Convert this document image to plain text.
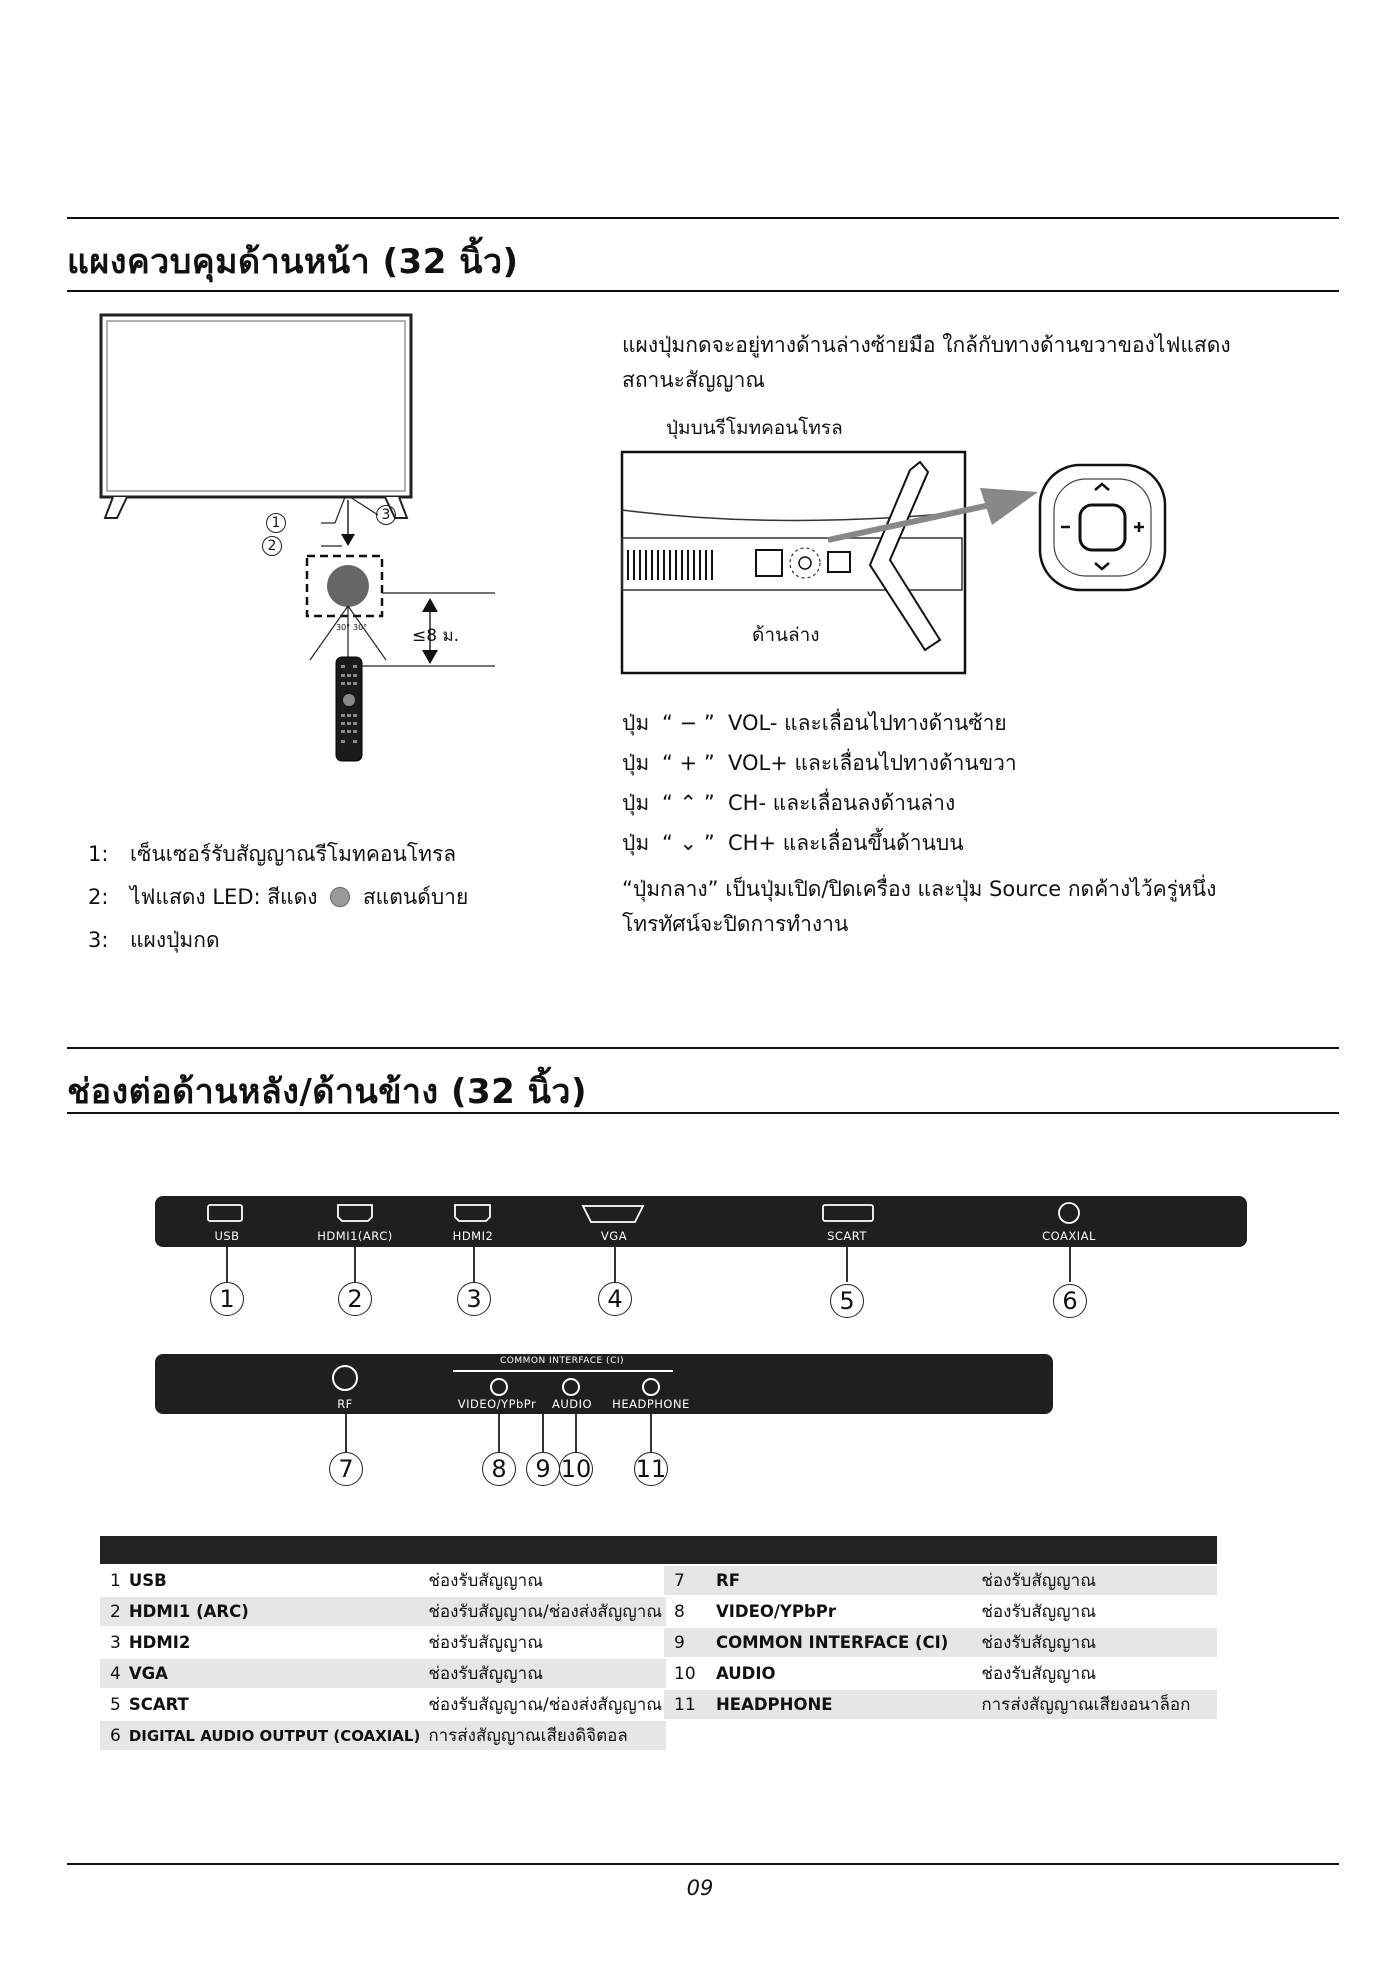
แผงควบคุมด้านหน้า (32 นิ้ว)
1
2
3
30° 30°	≤8 ม.
1: เซ็นเซอร์รับสัญญาณรีโมทคอนโทรล
2: ไฟแสดง LED: สีแดง สแตนด์บาย
3: แผงปุ่มกด
แผงปุ่มกดจะอยู่ทางด้านล่างซ้ายมือ ใกล้กับทางด้านขวาของไฟแสดงสถานะสัญญาณ
ปุ่มบนรีโมทคอนโทรล
ด้านล่าง
ปุ่ม “ − ” VOL- และเลื่อนไปทางด้านซ้าย
ปุ่ม “ + ” VOL+ และเลื่อนไปทางด้านขวา
ปุ่ม “ ⌃ ” CH- และเลื่อนลงด้านล่าง
ปุ่ม “ ⌄ ” CH+ และเลื่อนขึ้นด้านบน
“ปุ่มกลาง” เป็นปุ่มเปิด/ปิดเครื่อง และปุ่ม Source กดค้างไว้ครู่หนึ่ง โทรทัศน์จะปิดการทำงาน
ช่องต่อด้านหลัง/ด้านข้าง (32 นิ้ว)
USB	HDMI1(ARC)	HDMI2	VGA	SCART	COAXIAL
1	2	3	4	5	6
COMMON INTERFACE (CI)
RF	VIDEO/YPbPr AUDIO HEADPHONE
7	8	9 10 11

1	USB	ช่องรับสัญญาณ
2	HDMI1 (ARC)	ช่องรับสัญญาณ/ช่องส่งสัญญาณ
3	HDMI2	ช่องรับสัญญาณ
4	VGA	ช่องรับสัญญาณ
5	SCART	ช่องรับสัญญาณ/ช่องส่งสัญญาณ
6	DIGITAL AUDIO OUTPUT (COAXIAL)	การส่งสัญญาณเสียงดิจิตอล

7	RF	ช่องรับสัญญาณ
8	VIDEO/YPbPr	ช่องรับสัญญาณ
9	COMMON INTERFACE (CI)	ช่องรับสัญญาณ
10	AUDIO	ช่องรับสัญญาณ
11	HEADPHONE	การส่งสัญญาณเสียงอนาล็อก
09
